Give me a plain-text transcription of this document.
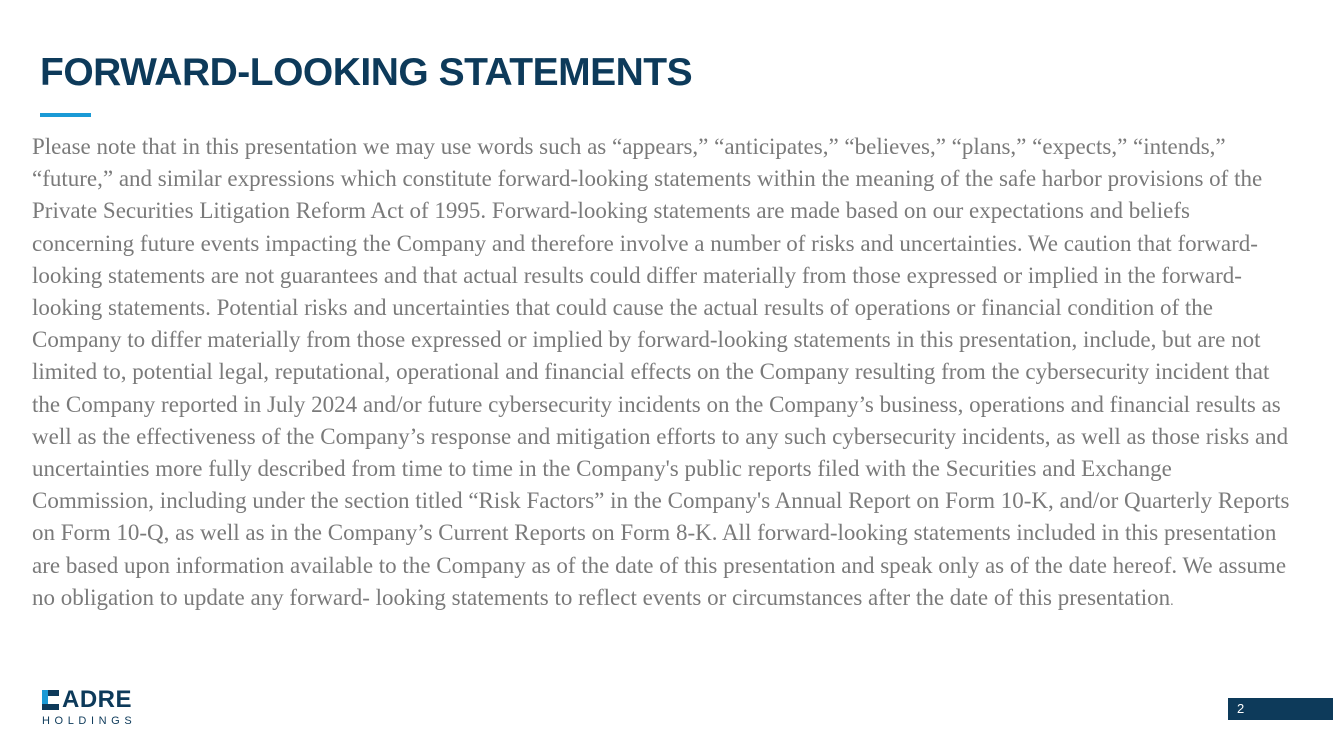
FORWARD-LOOKING STATEMENTS

Please note that in this presentation we may use words such as “appears,” “anticipates,” “believes,” “plans,” “expects,” “intends,” “future,” and similar expressions which constitute forward-looking statements within the meaning of the safe harbor provisions of the Private Securities Litigation Reform Act of 1995. Forward-looking statements are made based on our expectations and beliefs concerning future events impacting the Company and therefore involve a number of risks and uncertainties. We caution that forward-looking statements are not guarantees and that actual results could differ materially from those expressed or implied in the forward-looking statements. Potential risks and uncertainties that could cause the actual results of operations or financial condition of the Company to differ materially from those expressed or implied by forward-looking statements in this presentation, include, but are not limited to, potential legal, reputational, operational and financial effects on the Company resulting from the cybersecurity incident that the Company reported in July 2024 and/or future cybersecurity incidents on the Company’s business, operations and financial results as well as the effectiveness of the Company’s response and mitigation efforts to any such cybersecurity incidents, as well as those risks and uncertainties more fully described from time to time in the Company's public reports filed with the Securities and Exchange Commission, including under the section titled “Risk Factors” in the Company's Annual Report on Form 10-K, and/or Quarterly Reports on Form 10-Q, as well as in the Company’s Current Reports on Form 8-K. All forward-looking statements included in this presentation are based upon information available to the Company as of the date of this presentation and speak only as of the date hereof. We assume no obligation to update any forward- looking statements to reflect events or circumstances after the date of this presentation.

ADRE
HOLDINGS
2
